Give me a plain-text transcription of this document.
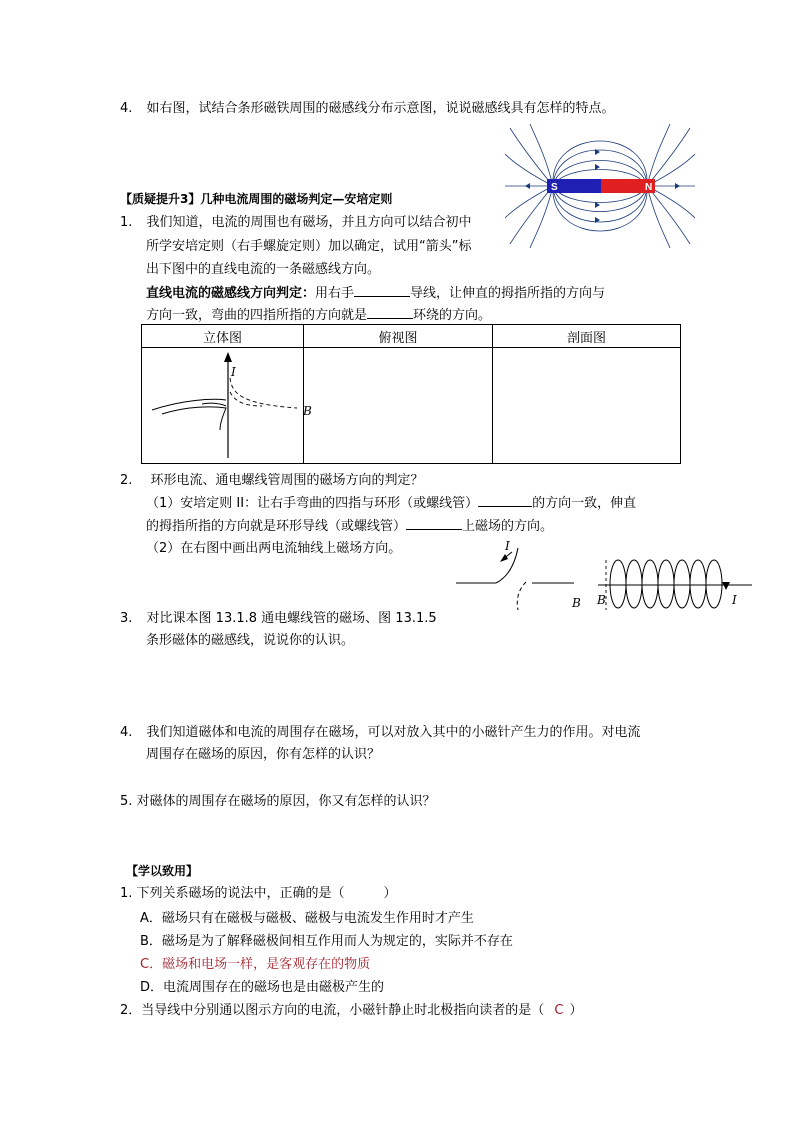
4. 如右图，试结合条形磁铁周围的磁感线分布示意图，说说磁感线具有怎样的特点。
S	N
【质疑提升3】几种电流周围的磁场判定—安培定则
1. 我们知道，电流的周围也有磁场，并且方向可以结合初中
所学安培定则（右手螺旋定则）加以确定，试用“箭头”标
出下图中的直线电流的一条磁感线方向。
直线电流的磁感线方向判定：用右手	导线，让伸直的拇指所指的方向与
方向一致，弯曲的四指所指的方向就是	环绕的方向。
立体图	俯视图	剖面图

I
B
2. 环形电流、通电螺线管周围的磁场方向的判定？
（1）安培定则 II：让右手弯曲的四指与环形（或螺线管）	的方向一致，伸直
的拇指所指的方向就是环形导线（或螺线管）	上磁场的方向。
（2）在右图中画出两电流轴线上磁场方向。	I
B B	I
3. 对比课本图 13.1.8 通电螺线管的磁场、图 13.1.5
条形磁体的磁感线，说说你的认识。
4. 我们知道磁体和电流的周围存在磁场，可以对放入其中的小磁针产生力的作用。对电流
周围存在磁场的原因，你有怎样的认识？
5. 对磁体的周围存在磁场的原因，你又有怎样的认识？
【学以致用】
1. 下列关系磁场的说法中，正确的是（　　　）
A．磁场只有在磁极与磁极、磁极与电流发生作用时才产生
B．磁场是为了解释磁极间相互作用而人为规定的，实际并不存在
C．磁场和电场一样，是客观存在的物质
D．电流周围存在的磁场也是由磁极产生的
2．当导线中分别通以图示方向的电流，小磁针静止时北极指向读者的是（ C ）
